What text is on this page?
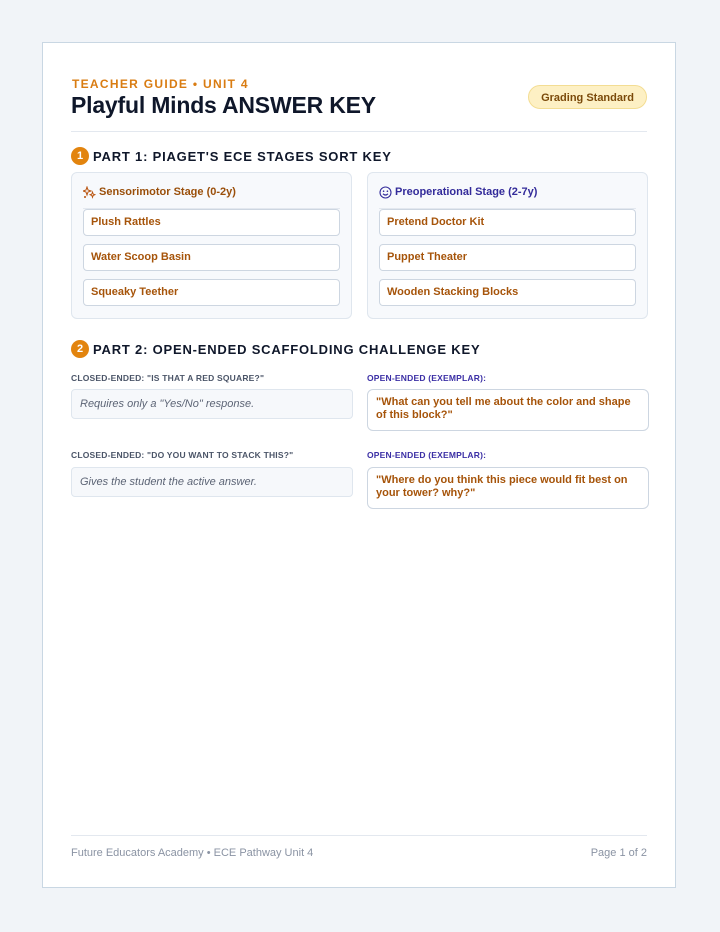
TEACHER GUIDE • UNIT 4
Playful Minds ANSWER KEY	Grading Standard
1 PART 1: PIAGET'S ECE STAGES SORT KEY
Sensorimotor Stage (0-2y)
Plush Rattles
Water Scoop Basin
Squeaky Teether
Preoperational Stage (2-7y)
Pretend Doctor Kit
Puppet Theater
Wooden Stacking Blocks
2 PART 2: OPEN-ENDED SCAFFOLDING CHALLENGE KEY
CLOSED-ENDED: "IS THAT A RED SQUARE?"
Requires only a "Yes/No" response.
OPEN-ENDED (EXEMPLAR):
"What can you tell me about the color and shape of this block?"
CLOSED-ENDED: "DO YOU WANT TO STACK THIS?"
Gives the student the active answer.
OPEN-ENDED (EXEMPLAR):
"Where do you think this piece would fit best on your tower? why?"
Future Educators Academy • ECE Pathway Unit 4	Page 1 of 2
